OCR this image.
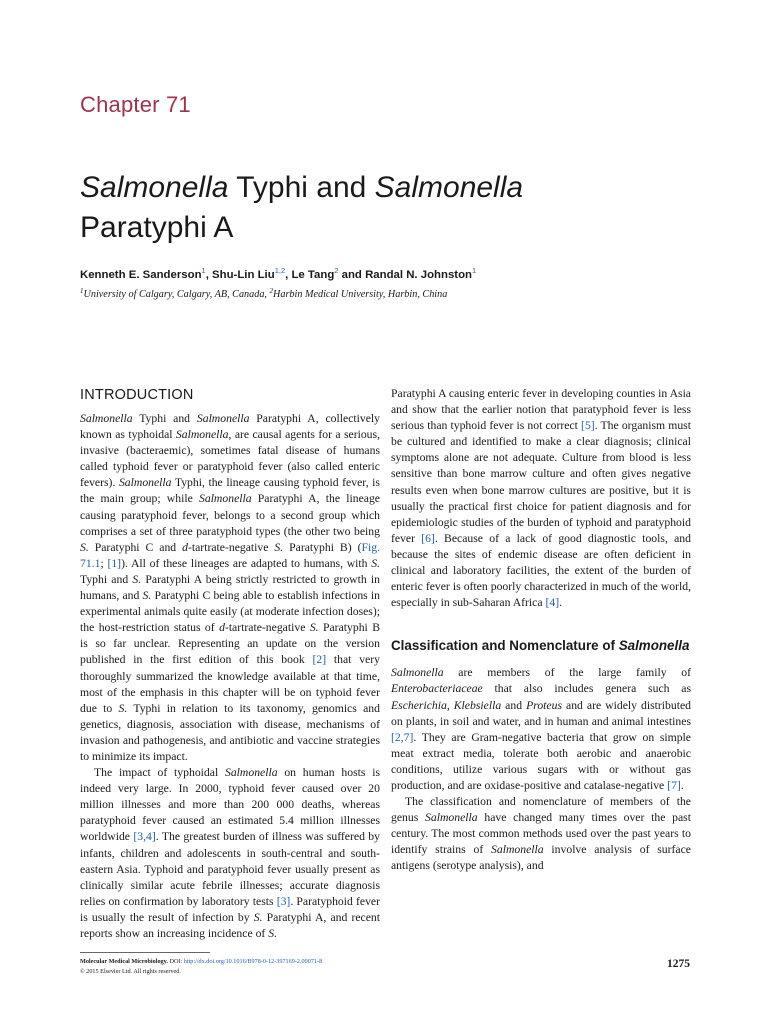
Chapter 71
Salmonella Typhi and Salmonella
Paratyphi A
Kenneth E. Sanderson$^1$, Shu-Lin Liu$^{1,2}$, Le Tang$^2$ and Randal N. Johnston$^1$
$^1$University of Calgary, Calgary, AB, Canada, $^2$Harbin Medical University, Harbin, China
INTRODUCTION

Salmonella Typhi and Salmonella Paratyphi A, collectively known as typhoidal Salmonella, are causal agents for a serious, invasive (bacteraemic), sometimes fatal disease of humans called typhoid fever or paratyphoid fever (also called enteric fevers). Salmonella Typhi, the lineage causing typhoid fever, is the main group; while Salmonella Paratyphi A, the lineage causing paratyphoid fever, belongs to a second group which comprises a set of three paratyphoid types (the other two being S. Paratyphi C and d-tartrate-negative S. Paratyphi B) (Fig. 71.1; [1]). All of these lineages are adapted to humans, with S. Typhi and S. Paratyphi A being strictly restricted to growth in humans, and S. Paratyphi C being able to establish infections in experimental animals quite easily (at moderate infection doses); the host-restriction status of d-tartrate-negative S. Paratyphi B is so far unclear. Representing an update on the version published in the first edition of this book [2] that very thoroughly summarized the knowledge available at that time, most of the emphasis in this chapter will be on typhoid fever due to S. Typhi in relation to its taxonomy, genomics and genetics, diagnosis, association with disease, mechanisms of invasion and pathogenesis, and antibiotic and vaccine strategies to minimize its impact.

The impact of typhoidal Salmonella on human hosts is indeed very large. In 2000, typhoid fever caused over 20 million illnesses and more than 200 000 deaths, whereas paratyphoid fever caused an estimated 5.4 million illnesses worldwide [3,4]. The greatest burden of illness was suffered by infants, children and adolescents in south-central and south-eastern Asia. Typhoid and paratyphoid fever usually present as clinically similar acute febrile illnesses; accurate diagnosis relies on confirmation by laboratory tests [3]. Paratyphoid fever is usually the result of infection by S. Paratyphi A, and recent reports show an increasing incidence of S.

Paratyphi A causing enteric fever in developing counties in Asia and show that the earlier notion that paratyphoid fever is less serious than typhoid fever is not correct [5]. The organism must be cultured and identified to make a clear diagnosis; clinical symptoms alone are not adequate. Culture from blood is less sensitive than bone marrow culture and often gives negative results even when bone marrow cultures are positive, but it is usually the practical first choice for patient diagnosis and for epidemiologic studies of the burden of typhoid and paratyphoid fever [6]. Because of a lack of good diagnostic tools, and because the sites of endemic disease are often deficient in clinical and laboratory facilities, the extent of the burden of enteric fever is often poorly characterized in much of the world, especially in sub-Saharan Africa [4].

Classification and Nomenclature of Salmonella

Salmonella are members of the large family of Enterobacteriaceae that also includes genera such as Escherichia, Klebsiella and Proteus and are widely distributed on plants, in soil and water, and in human and animal intestines [2,7]. They are Gram-negative bacteria that grow on simple meat extract media, tolerate both aerobic and anaerobic conditions, utilize various sugars with or without gas production, and are oxidase-positive and catalase-negative [7].

The classification and nomenclature of members of the genus Salmonella have changed many times over the past century. The most common methods used over the past years to identify strains of Salmonella involve analysis of surface antigens (serotype analysis), and

Molecular Medical Microbiology. DOI: http://dx.doi.org/10.1016/B978-0-12-397169-2.00071-8
© 2015 Elsevier Ltd. All rights reserved.
1275
